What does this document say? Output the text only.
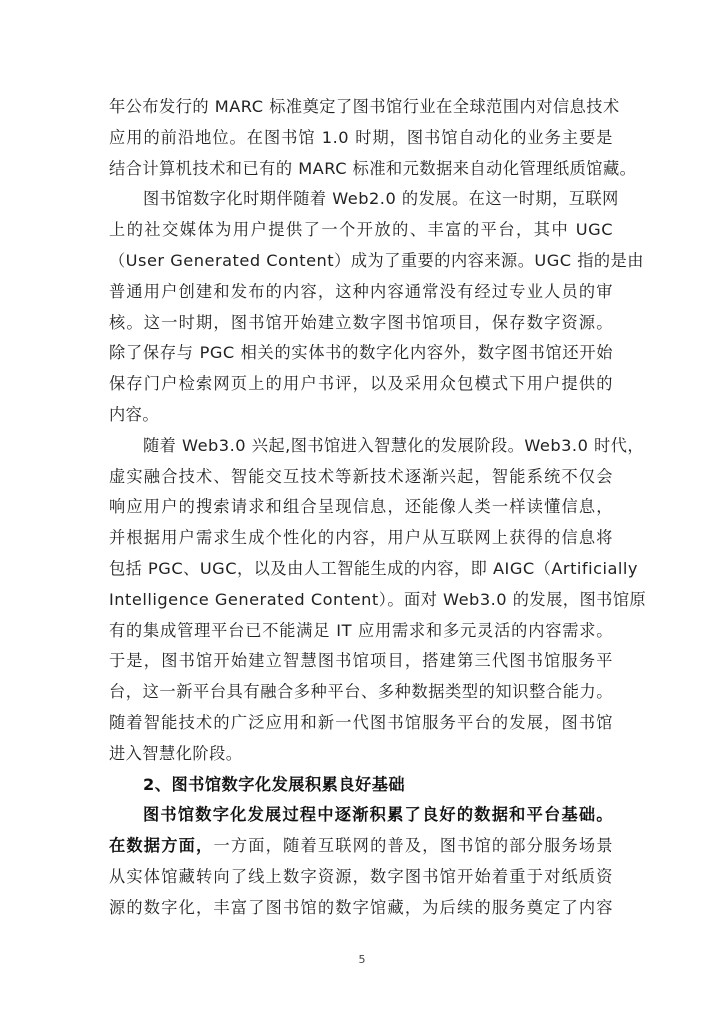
年公布发行的 MARC 标准奠定了图书馆行业在全球范围内对信息技术
应用的前沿地位。在图书馆 1.0 时期，图书馆自动化的业务主要是
结合计算机技术和已有的 MARC 标准和元数据来自动化管理纸质馆藏。
图书馆数字化时期伴随着 Web2.0 的发展。在这一时期，互联网
上的社交媒体为用户提供了一个开放的、丰富的平台，其中 UGC
（User Generated Content）成为了重要的内容来源。UGC 指的是由
普通用户创建和发布的内容，这种内容通常没有经过专业人员的审
核。这一时期，图书馆开始建立数字图书馆项目，保存数字资源。
除了保存与 PGC 相关的实体书的数字化内容外，数字图书馆还开始
保存门户检索网页上的用户书评，以及采用众包模式下用户提供的
内容。
随着 Web3.0 兴起,图书馆进入智慧化的发展阶段。Web3.0 时代，
虚实融合技术、智能交互技术等新技术逐渐兴起，智能系统不仅会
响应用户的搜索请求和组合呈现信息，还能像人类一样读懂信息，
并根据用户需求生成个性化的内容，用户从互联网上获得的信息将
包括 PGC、UGC，以及由人工智能生成的内容，即 AIGC（Artificially
Intelligence Generated Content）。面对 Web3.0 的发展，图书馆原
有的集成管理平台已不能满足 IT 应用需求和多元灵活的内容需求。
于是，图书馆开始建立智慧图书馆项目，搭建第三代图书馆服务平
台，这一新平台具有融合多种平台、多种数据类型的知识整合能力。
随着智能技术的广泛应用和新一代图书馆服务平台的发展，图书馆
进入智慧化阶段。
2、图书馆数字化发展积累良好基础
图书馆数字化发展过程中逐渐积累了良好的数据和平台基础。
在数据方面，一方面，随着互联网的普及，图书馆的部分服务场景
从实体馆藏转向了线上数字资源，数字图书馆开始着重于对纸质资
源的数字化，丰富了图书馆的数字馆藏，为后续的服务奠定了内容
5
